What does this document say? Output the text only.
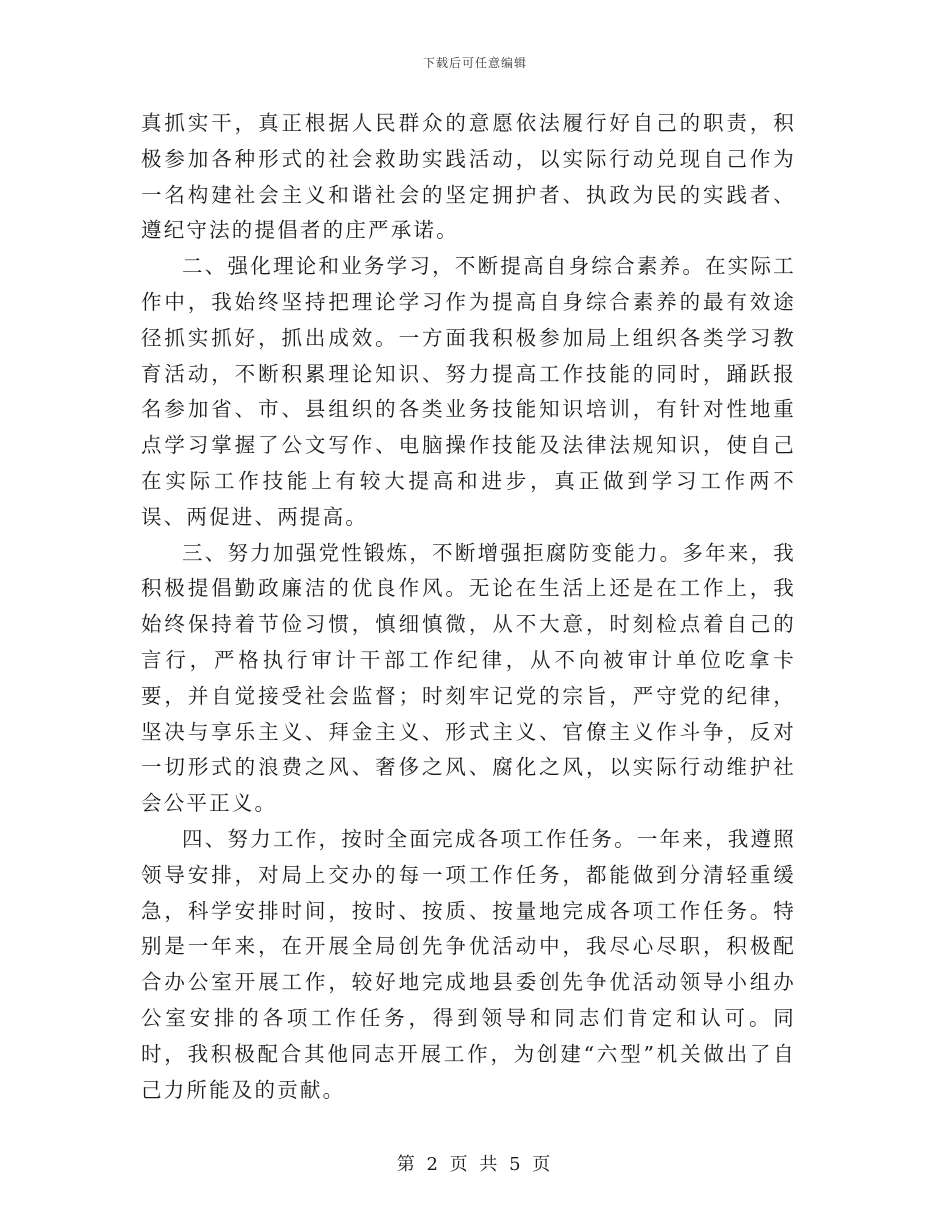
下载后可任意编辑

真抓实干，真正根据人民群众的意愿依法履行好自己的职责，积极参加各种形式的社会救助实践活动，以实际行动兑现自己作为一名构建社会主义和谐社会的坚定拥护者、执政为民的实践者、遵纪守法的提倡者的庄严承诺。

二、强化理论和业务学习，不断提高自身综合素养。在实际工作中，我始终坚持把理论学习作为提高自身综合素养的最有效途径抓实抓好，抓出成效。一方面我积极参加局上组织各类学习教育活动，不断积累理论知识、努力提高工作技能的同时，踊跃报名参加省、市、县组织的各类业务技能知识培训，有针对性地重点学习掌握了公文写作、电脑操作技能及法律法规知识，使自己在实际工作技能上有较大提高和进步，真正做到学习工作两不误、两促进、两提高。

三、努力加强党性锻炼，不断增强拒腐防变能力。多年来，我积极提倡勤政廉洁的优良作风。无论在生活上还是在工作上，我始终保持着节俭习惯，慎细慎微，从不大意，时刻检点着自己的言行，严格执行审计干部工作纪律，从不向被审计单位吃拿卡要，并自觉接受社会监督；时刻牢记党的宗旨，严守党的纪律，坚决与享乐主义、拜金主义、形式主义、官僚主义作斗争，反对一切形式的浪费之风、奢侈之风、腐化之风，以实际行动维护社会公平正义。

四、努力工作，按时全面完成各项工作任务。一年来，我遵照领导安排，对局上交办的每一项工作任务，都能做到分清轻重缓急，科学安排时间，按时、按质、按量地完成各项工作任务。特别是一年来，在开展全局创先争优活动中，我尽心尽职，积极配合办公室开展工作，较好地完成地县委创先争优活动领导小组办公室安排的各项工作任务，得到领导和同志们肯定和认可。同时，我积极配合其他同志开展工作，为创建“六型”机关做出了自己力所能及的贡献。

第 2 页 共 5 页
